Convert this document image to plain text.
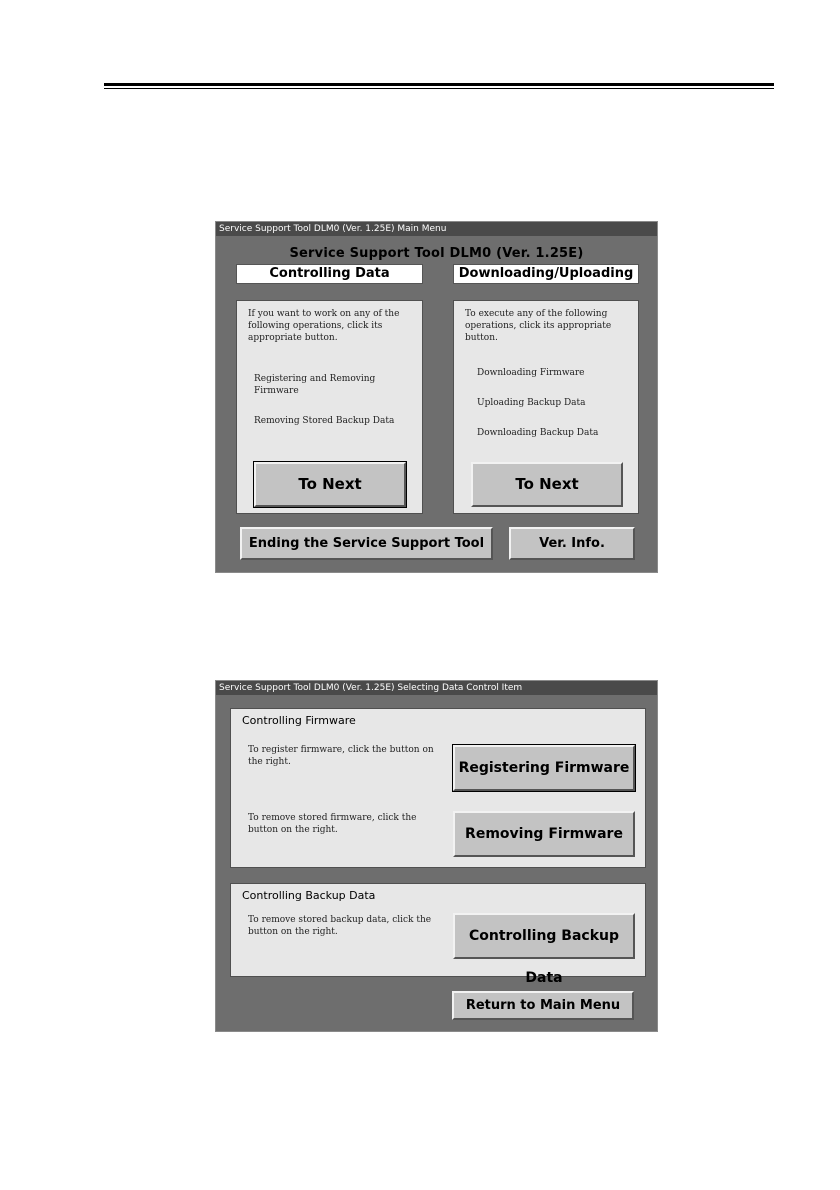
Service Support Tool DLM0 (Ver. 1.25E) Main Menu
Service Support Tool DLM0 (Ver. 1.25E)
Controlling Data	Downloading/Uploading
If you want to work on any of the following operations, click its appropriate button.
Registering and Removing Firmware
Removing Stored Backup Data
To Next
To execute any of the following operations, click its appropriate button.
Downloading Firmware
Uploading Backup Data
Downloading Backup Data
To Next
Ending the Service Support Tool	Ver. Info.
Service Support Tool DLM0 (Ver. 1.25E) Selecting Data Control Item
Controlling Firmware
To register firmware, click the button on the right.	Registering Firmware
To remove stored firmware, click the button on the right.	Removing Firmware
Controlling Backup Data
To remove stored backup data, click the button on the right.	Controlling Backup Data
Return to Main Menu
